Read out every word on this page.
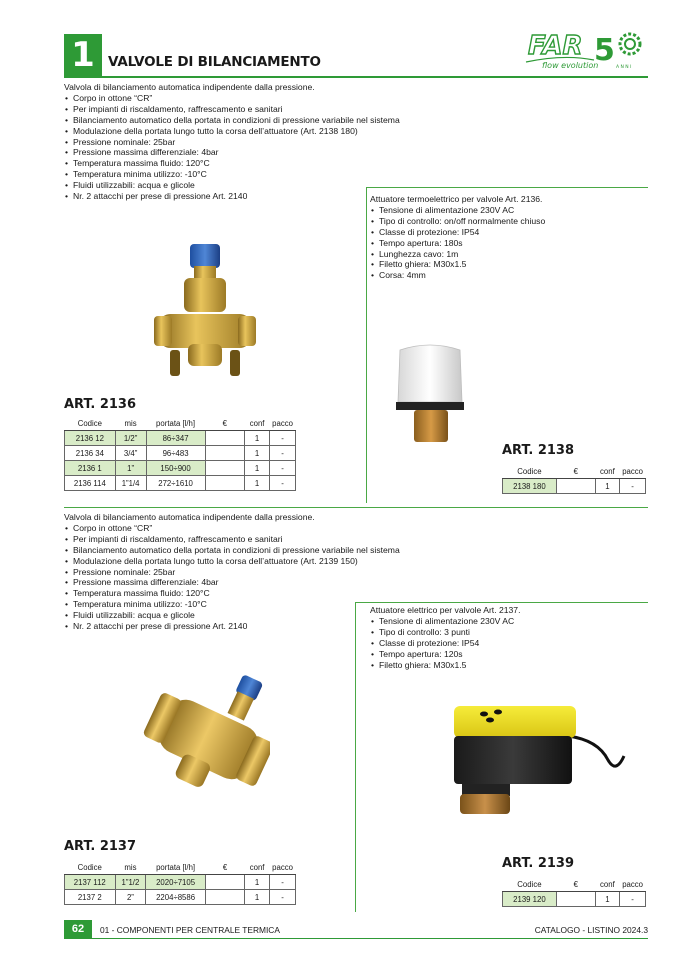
1 VALVOLE DI BILANCIAMENTO
FAR 5
flow evolution	A N N I
Valvola di bilanciamento automatica indipendente dalla pressione.
• Corpo in ottone “CR”
• Per impianti di riscaldamento, raffrescamento e sanitari
• Bilanciamento automatico della portata in condizioni di pressione variabile nel sistema
• Modulazione della portata lungo tutto la corsa dell’attuatore (Art. 2138 180)
• Pressione nominale: 25bar
• Pressione massima differenziale: 4bar
• Temperatura massima fluido: 120°C
• Temperatura minima utilizzo: -10°C
• Fluidi utilizzabili: acqua e glicole
• Nr. 2 attacchi per prese di pressione Art. 2140
ART. 2136
Codice	mis	portata [l/h]	€	conf	pacco
2136 12	1/2”	86÷347		1	-
2136 34	3/4”	96÷483		1	-
2136 1	1”	150÷900		1	-
2136 114	1”1/4	272÷1610		1	-
Attuatore termoelettrico per valvole Art. 2136.
• Tensione di alimentazione 230V AC
• Tipo di controllo: on/off normalmente chiuso
• Classe di protezione: IP54
• Tempo apertura: 180s
• Lunghezza cavo: 1m
• Filetto ghiera: M30x1.5
• Corsa: 4mm
ART. 2138
Codice	€	conf	pacco
2138 180		1	-
Valvola di bilanciamento automatica indipendente dalla pressione.
• Corpo in ottone “CR”
• Per impianti di riscaldamento, raffrescamento e sanitari
• Bilanciamento automatico della portata in condizioni di pressione variabile nel sistema
• Modulazione della portata lungo tutto la corsa dell’attuatore (Art. 2139 150)
• Pressione nominale: 25bar
• Pressione massima differenziale: 4bar
• Temperatura massima fluido: 120°C
• Temperatura minima utilizzo: -10°C
• Fluidi utilizzabili: acqua e glicole
• Nr. 2 attacchi per prese di pressione Art. 2140
ART. 2137
Codice	mis	portata [l/h]	€	conf	pacco
2137 112	1”1/2	2020÷7105		1	-
2137 2	2”	2204÷8586		1	-
Attuatore elettrico per valvole Art. 2137.
• Tensione di alimentazione 230V AC
• Tipo di controllo: 3 punti
• Classe di protezione: IP54
• Tempo apertura: 120s
• Filetto ghiera: M30x1.5
ART. 2139
Codice	€	conf	pacco
2139 120		1	-
62	01 - COMPONENTI PER CENTRALE TERMICA	CATALOGO - LISTINO 2024.3
